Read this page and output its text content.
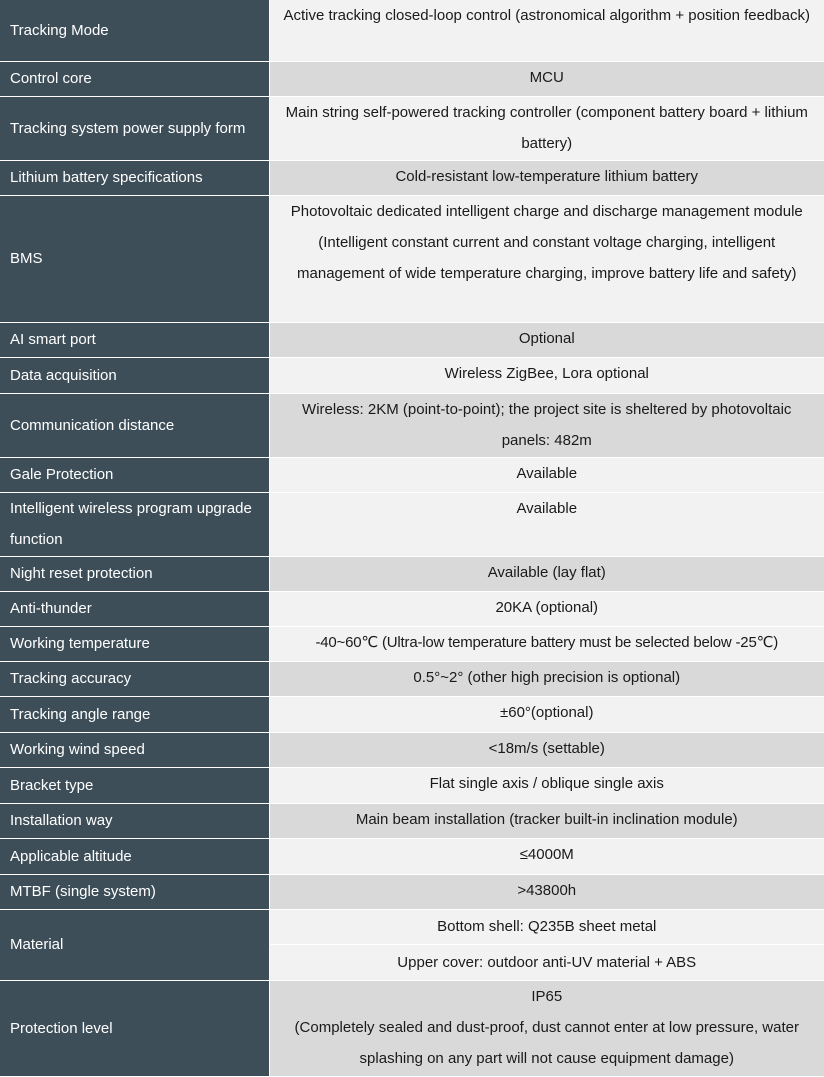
Tracking Mode	Active tracking closed-loop control (astronomical algorithm + position feedback)
Control core	MCU
Tracking system power supply form	Main string self-powered tracking controller (component battery board + lithium battery)
Lithium battery specifications	Cold-resistant low-temperature lithium battery
BMS	Photovoltaic dedicated intelligent charge and discharge management module (Intelligent constant current and constant voltage charging, intelligent management of wide temperature charging, improve battery life and safety)
AI smart port	Optional
Data acquisition	Wireless ZigBee, Lora optional
Communication distance	Wireless: 2KM (point-to-point); the project site is sheltered by photovoltaic panels: 482m
Gale Protection	Available
Intelligent wireless program upgrade function	Available
Night reset protection	Available (lay flat)
Anti-thunder	20KA (optional)
Working temperature	-40~60℃ (Ultra-low temperature battery must be selected below -25℃)
Tracking accuracy	0.5°~2° (other high precision is optional)
Tracking angle range	±60°(optional)
Working wind speed	<18m/s (settable)
Bracket type	Flat single axis / oblique single axis
Installation way	Main beam installation (tracker built-in inclination module)
Applicable altitude	≤4000M
MTBF (single system)	>43800h
Material	Bottom shell: Q235B sheet metal
	Upper cover: outdoor anti-UV material + ABS
Protection level	IP65
(Completely sealed and dust-proof, dust cannot enter at low pressure, water splashing on any part will not cause equipment damage)
